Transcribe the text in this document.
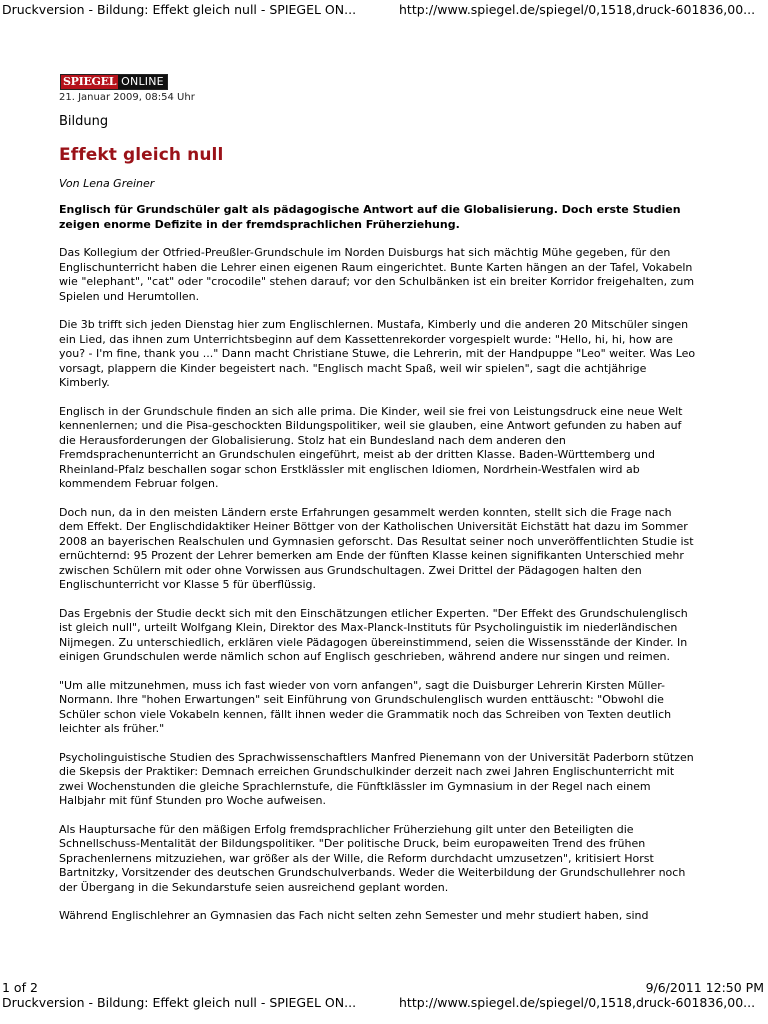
Druckversion - Bildung: Effekt gleich null - SPIEGEL ON...	http://www.spiegel.de/spiegel/0,1518,druck-601836,00...
SPIEGEL ONLINE
21. Januar 2009, 08:54 Uhr
Bildung
Effekt gleich null
Von Lena Greiner
Englisch für Grundschüler galt als pädagogische Antwort auf die Globalisierung. Doch erste Studien zeigen enorme Defizite in der fremdsprachlichen Früherziehung.

Das Kollegium der Otfried-Preußler-Grundschule im Norden Duisburgs hat sich mächtig Mühe gegeben, für den Englischunterricht haben die Lehrer einen eigenen Raum eingerichtet. Bunte Karten hängen an der Tafel, Vokabeln wie "elephant", "cat" oder "crocodile" stehen darauf; vor den Schulbänken ist ein breiter Korridor freigehalten, zum Spielen und Herumtollen.

Die 3b trifft sich jeden Dienstag hier zum Englischlernen. Mustafa, Kimberly und die anderen 20 Mitschüler singen ein Lied, das ihnen zum Unterrichtsbeginn auf dem Kassettenrekorder vorgespielt wurde: "Hello, hi, hi, how are you? - I'm fine, thank you ..." Dann macht Christiane Stuwe, die Lehrerin, mit der Handpuppe "Leo" weiter. Was Leo vorsagt, plappern die Kinder begeistert nach. "Englisch macht Spaß, weil wir spielen", sagt die achtjährige Kimberly.

Englisch in der Grundschule finden an sich alle prima. Die Kinder, weil sie frei von Leistungsdruck eine neue Welt kennenlernen; und die Pisa-geschockten Bildungspolitiker, weil sie glauben, eine Antwort gefunden zu haben auf die Herausforderungen der Globalisierung. Stolz hat ein Bundesland nach dem anderen den Fremdsprachenunterricht an Grundschulen eingeführt, meist ab der dritten Klasse. Baden-Württemberg und Rheinland-Pfalz beschallen sogar schon Erstklässler mit englischen Idiomen, Nordrhein-Westfalen wird ab kommendem Februar folgen.

Doch nun, da in den meisten Ländern erste Erfahrungen gesammelt werden konnten, stellt sich die Frage nach dem Effekt. Der Englischdidaktiker Heiner Böttger von der Katholischen Universität Eichstätt hat dazu im Sommer 2008 an bayerischen Realschulen und Gymnasien geforscht. Das Resultat seiner noch unveröffentlichten Studie ist ernüchternd: 95 Prozent der Lehrer bemerken am Ende der fünften Klasse keinen signifikanten Unterschied mehr zwischen Schülern mit oder ohne Vorwissen aus Grundschultagen. Zwei Drittel der Pädagogen halten den Englischunterricht vor Klasse 5 für überflüssig.

Das Ergebnis der Studie deckt sich mit den Einschätzungen etlicher Experten. "Der Effekt des Grundschulenglisch ist gleich null", urteilt Wolfgang Klein, Direktor des Max-Planck-Instituts für Psycholinguistik im niederländischen Nijmegen. Zu unterschiedlich, erklären viele Pädagogen übereinstimmend, seien die Wissensstände der Kinder. In einigen Grundschulen werde nämlich schon auf Englisch geschrieben, während andere nur singen und reimen.

"Um alle mitzunehmen, muss ich fast wieder von vorn anfangen", sagt die Duisburger Lehrerin Kirsten Müller-Normann. Ihre "hohen Erwartungen" seit Einführung von Grundschulenglisch wurden enttäuscht: "Obwohl die Schüler schon viele Vokabeln kennen, fällt ihnen weder die Grammatik noch das Schreiben von Texten deutlich leichter als früher."

Psycholinguistische Studien des Sprachwissenschaftlers Manfred Pienemann von der Universität Paderborn stützen die Skepsis der Praktiker: Demnach erreichen Grundschulkinder derzeit nach zwei Jahren Englischunterricht mit zwei Wochenstunden die gleiche Sprachlernstufe, die Fünftklässler im Gymnasium in der Regel nach einem Halbjahr mit fünf Stunden pro Woche aufweisen.

Als Hauptursache für den mäßigen Erfolg fremdsprachlicher Früherziehung gilt unter den Beteiligten die Schnellschuss-Mentalität der Bildungspolitiker. "Der politische Druck, beim europaweiten Trend des frühen Sprachenlernens mitzuziehen, war größer als der Wille, die Reform durchdacht umzusetzen", kritisiert Horst Bartnitzky, Vorsitzender des deutschen Grundschulverbands. Weder die Weiterbildung der Grundschullehrer noch der Übergang in die Sekundarstufe seien ausreichend geplant worden.

Während Englischlehrer an Gymnasien das Fach nicht selten zehn Semester und mehr studiert haben, sind

1 of 2	9/6/2011 12:50 PM
Druckversion - Bildung: Effekt gleich null - SPIEGEL ON...	http://www.spiegel.de/spiegel/0,1518,druck-601836,00...
